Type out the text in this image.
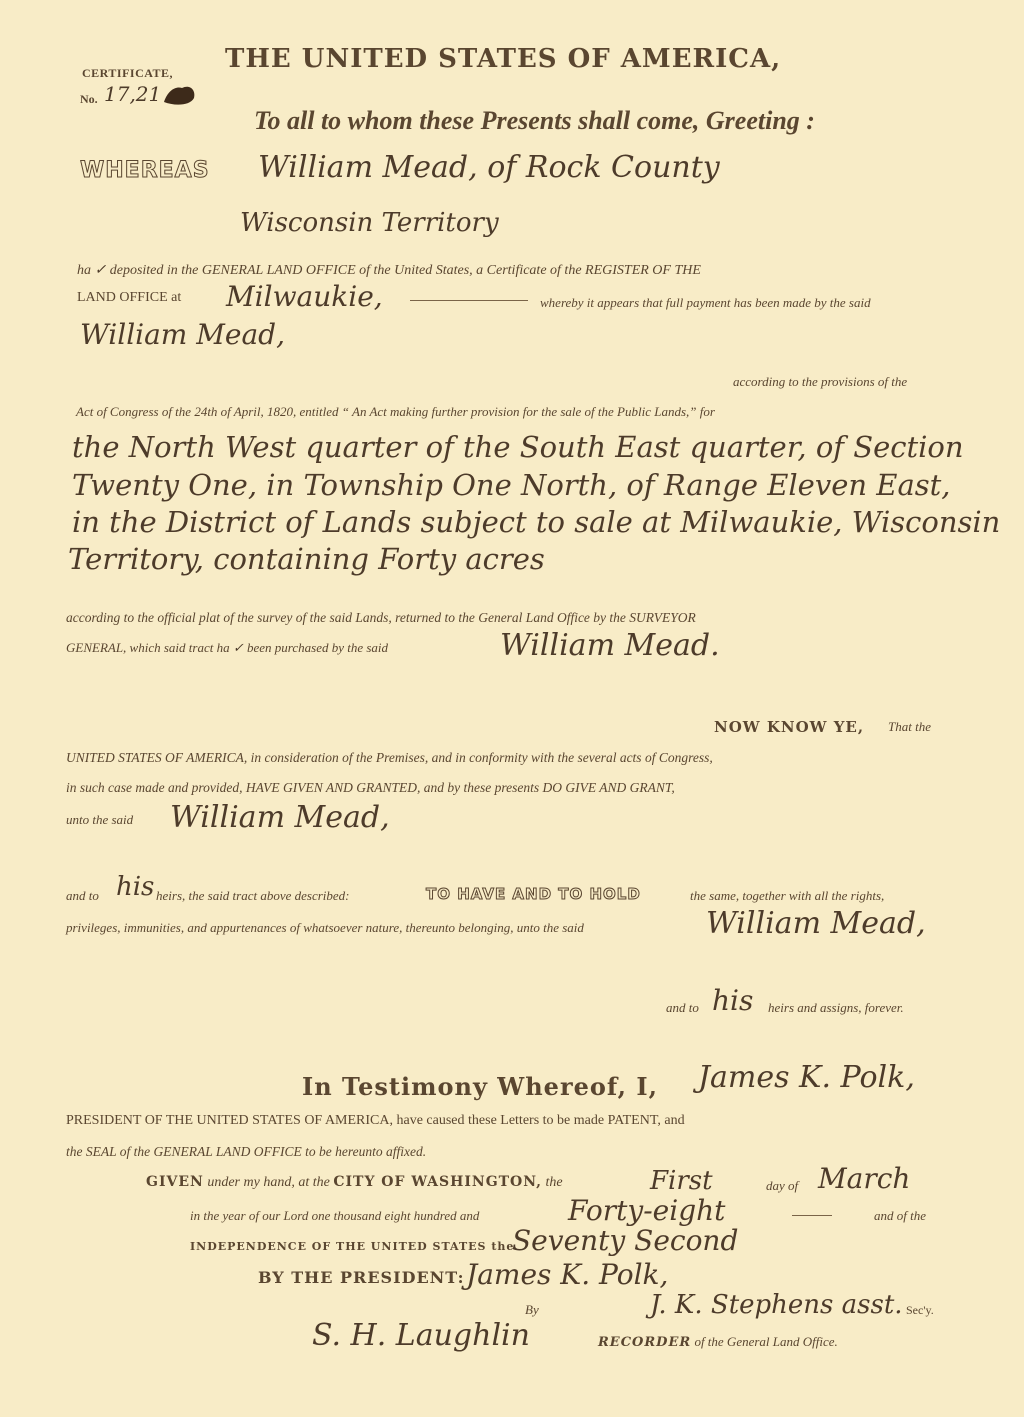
CERTIFICATE,
No. 17,21
THE UNITED STATES OF AMERICA,
To all to whom these Presents shall come, Greeting :
WHEREAS William Mead, of Rock County
Wisconsin Territory
ha ✓ deposited in the GENERAL LAND OFFICE of the United States, a Certificate of the REGISTER OF THE
LAND OFFICE at Milwaukie,	whereby it appears that full payment has been made by the said
William Mead,
according to the provisions of the
Act of Congress of the 24th of April, 1820, entitled “ An Act making further provision for the sale of the Public Lands,” for
the North West quarter of the South East quarter, of Section
Twenty One, in Township One North, of Range Eleven East,
in the District of Lands subject to sale at Milwaukie, Wisconsin
Territory, containing Forty acres
according to the official plat of the survey of the said Lands, returned to the General Land Office by the SURVEYOR
GENERAL, which said tract ha ✓ been purchased by the said	William Mead.
NOW KNOW YE, That the
UNITED STATES OF AMERICA, in consideration of the Premises, and in conformity with the several acts of Congress,
in such case made and provided, HAVE GIVEN AND GRANTED, and by these presents DO GIVE AND GRANT,
unto the said William Mead,
and to his heirs, the said tract above described:	TO HAVE AND TO HOLD	the same, together with all the rights,
privileges, immunities, and appurtenances of whatsoever nature, thereunto belonging, unto the said	William Mead,
and to his heirs and assigns, forever.
In Testimony Whereof, I, James K. Polk,
PRESIDENT OF THE UNITED STATES OF AMERICA, have caused these Letters to be made PATENT, and
the SEAL of the GENERAL LAND OFFICE to be hereunto affixed.
GIVEN under my hand, at the CITY OF WASHINGTON, the	First	day of March
in the year of our Lord one thousand eight hundred and	Forty-eight	and of the
INDEPENDENCE OF THE UNITED STATES the
Seventy Second
BY THE PRESIDENT: James K. Polk,
By	J. K. Stephens asst. Sec'y.
S. H. Laughlin	RECORDER of the General Land Office.
